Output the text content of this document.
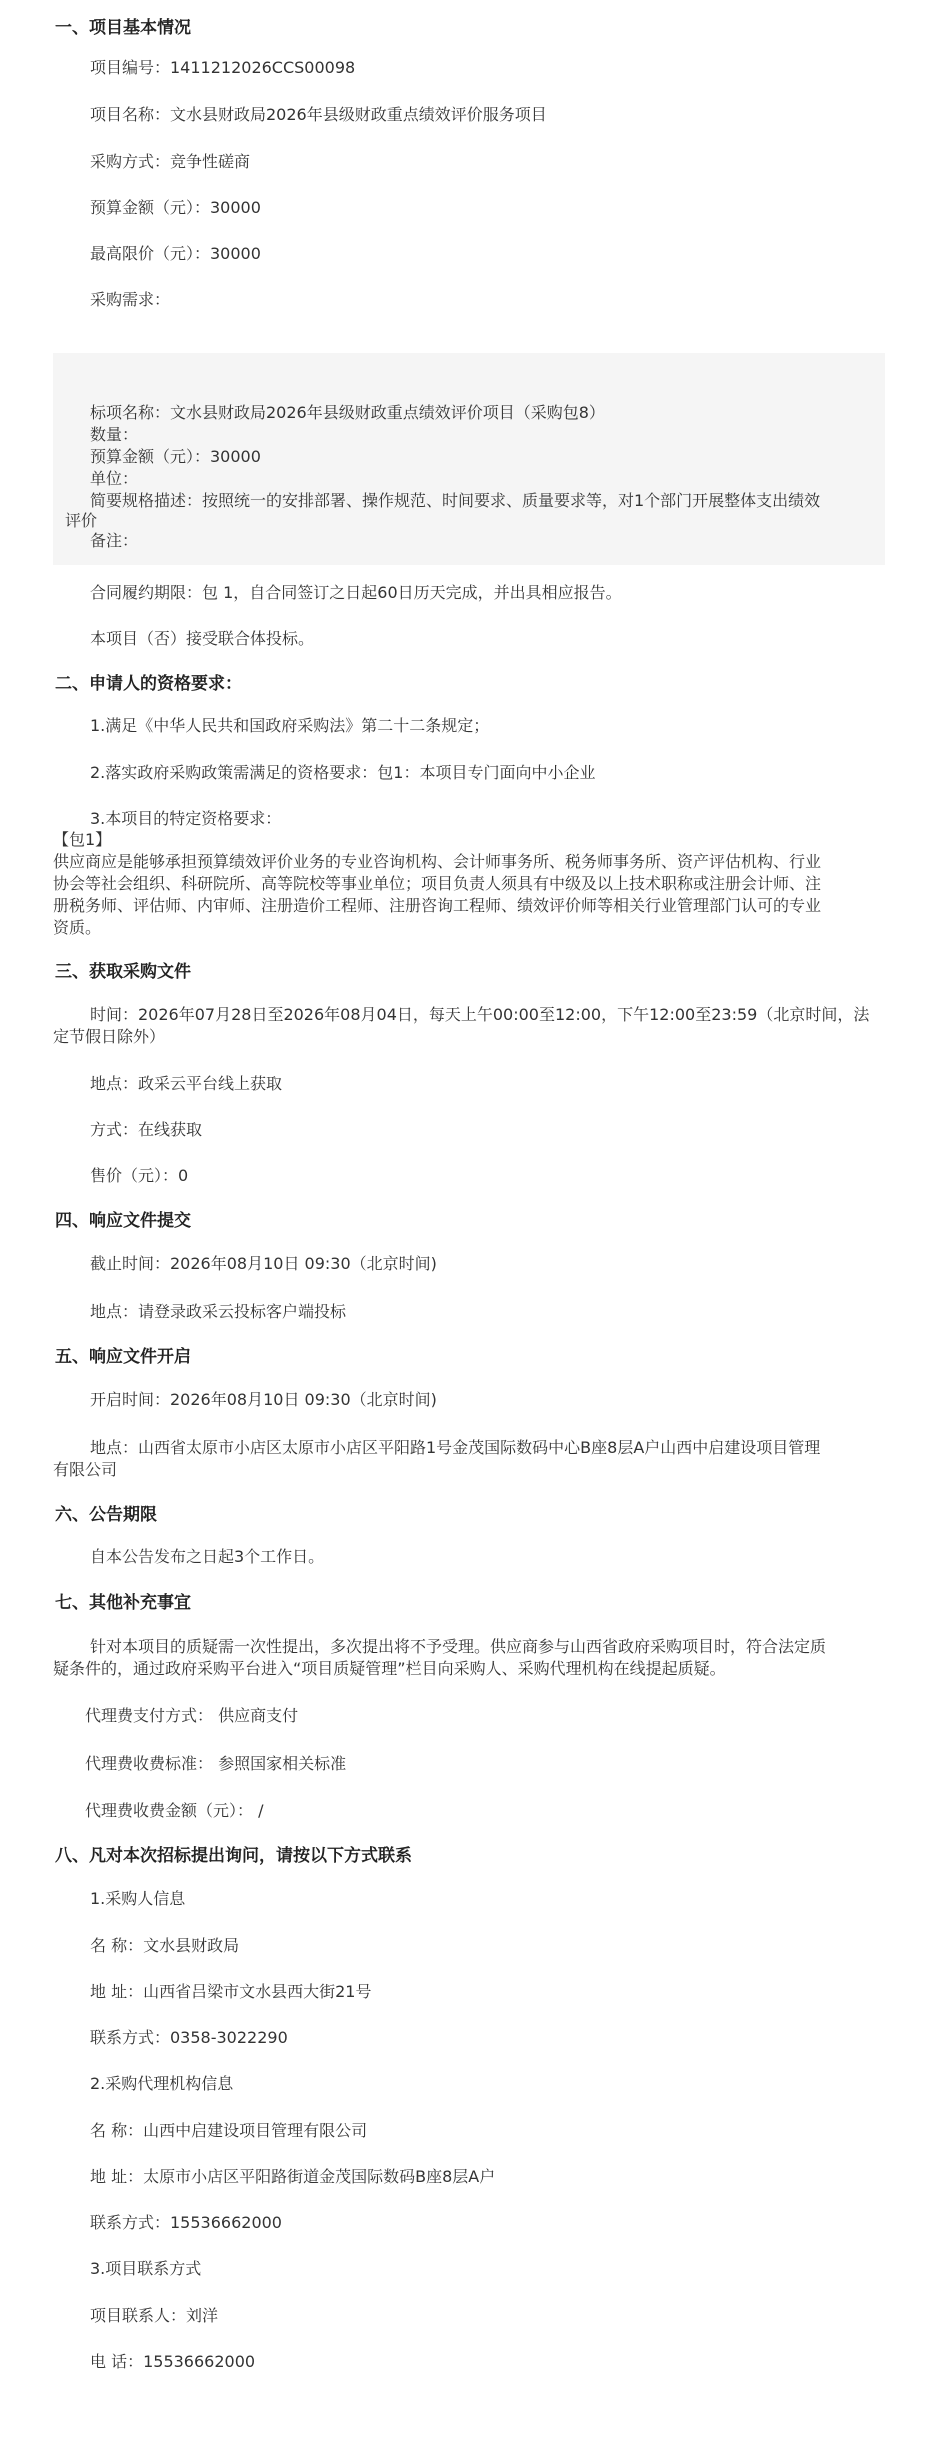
一、项目基本情况
项目编号：1411212026CCS00098
项目名称：文水县财政局2026年县级财政重点绩效评价服务项目
采购方式：竞争性磋商
预算金额（元）：30000
最高限价（元）：30000
采购需求：
标项名称：文水县财政局2026年县级财政重点绩效评价项目（采购包8）
数量：
预算金额（元）：30000
单位：
简要规格描述：按照统一的安排部署、操作规范、时间要求、质量要求等，对1个部门开展整体支出绩效
评价
备注：
合同履约期限：包 1，自合同签订之日起60日历天完成，并出具相应报告。
本项目（否）接受联合体投标。
二、申请人的资格要求：
1.满足《中华人民共和国政府采购法》第二十二条规定；
2.落实政府采购政策需满足的资格要求：包1：本项目专门面向中小企业
3.本项目的特定资格要求：
【包1】
供应商应是能够承担预算绩效评价业务的专业咨询机构、会计师事务所、税务师事务所、资产评估机构、行业
协会等社会组织、科研院所、高等院校等事业单位；项目负责人须具有中级及以上技术职称或注册会计师、注
册税务师、评估师、内审师、注册造价工程师、注册咨询工程师、绩效评价师等相关行业管理部门认可的专业
资质。
三、获取采购文件
时间：2026年07月28日至2026年08月04日，每天上午00:00至12:00，下午12:00至23:59（北京时间，法
定节假日除外）
地点：政采云平台线上获取
方式：在线获取
售价（元）：0
四、响应文件提交
截止时间：2026年08月10日 09:30（北京时间)
地点：请登录政采云投标客户端投标
五、响应文件开启
开启时间：2026年08月10日 09:30（北京时间)
地点：山西省太原市小店区太原市小店区平阳路1号金茂国际数码中心B座8层A户山西中启建设项目管理
有限公司
六、公告期限
自本公告发布之日起3个工作日。
七、其他补充事宜
针对本项目的质疑需一次性提出，多次提出将不予受理。供应商参与山西省政府采购项目时，符合法定质
疑条件的，通过政府采购平台进入“项目质疑管理”栏目向采购人、采购代理机构在线提起质疑。
代理费支付方式： 供应商支付
代理费收费标准： 参照国家相关标准
代理费收费金额（元）： /
八、凡对本次招标提出询问，请按以下方式联系
1.采购人信息
名 称：文水县财政局
地 址：山西省吕梁市文水县西大街21号
联系方式：0358-3022290
2.采购代理机构信息
名 称：山西中启建设项目管理有限公司
地 址：太原市小店区平阳路街道金茂国际数码B座8层A户
联系方式：15536662000
3.项目联系方式
项目联系人：刘洋
电 话：15536662000
